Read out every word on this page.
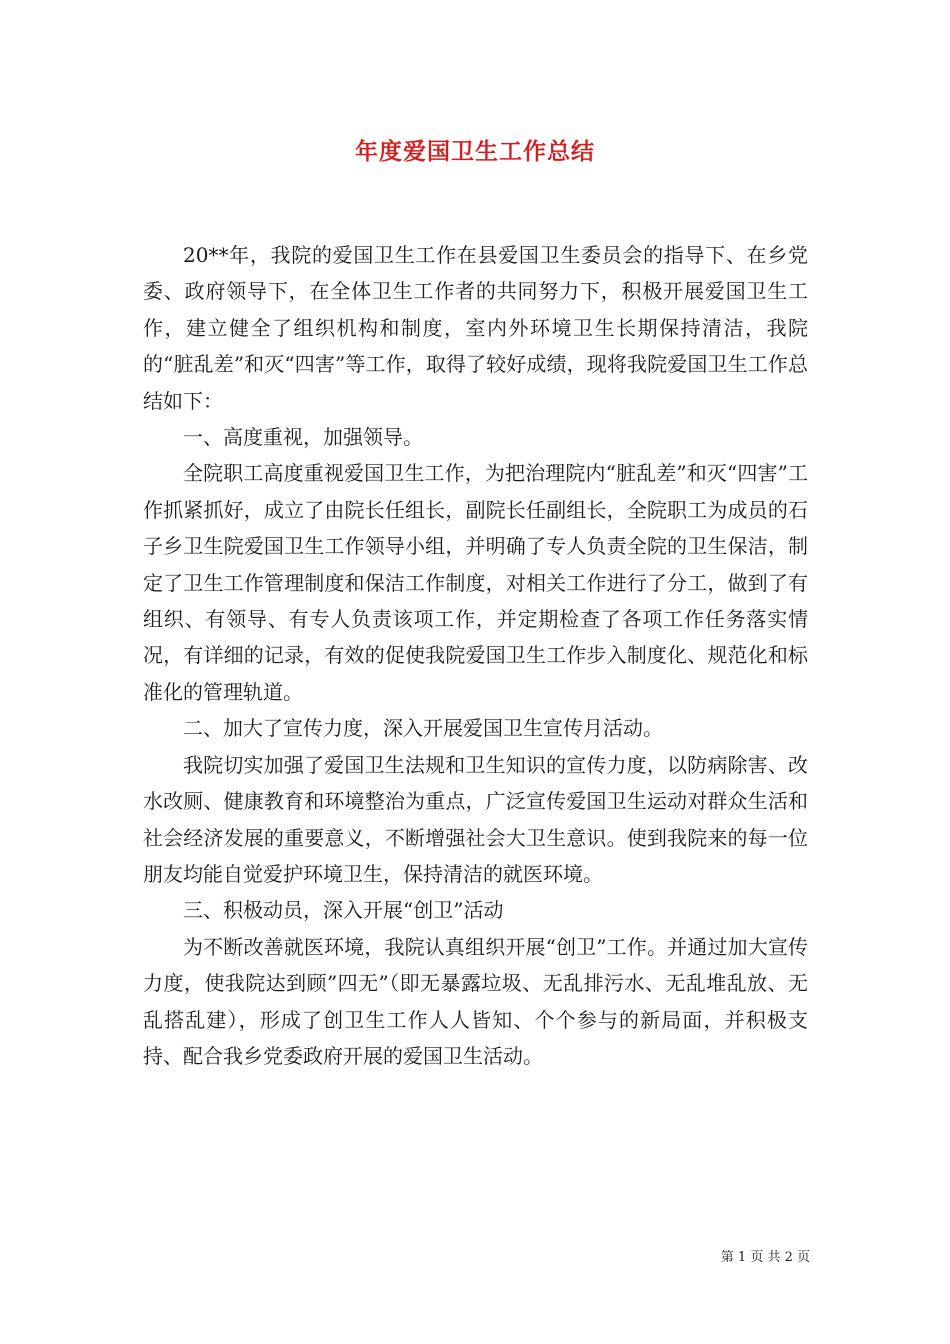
年度爱国卫生工作总结

20**年，我院的爱国卫生工作在县爱国卫生委员会的指导下、在乡党委、政府领导下，在全体卫生工作者的共同努力下，积极开展爱国卫生工作，建立健全了组织机构和制度，室内外环境卫生长期保持清洁，我院的“脏乱差”和灭“四害”等工作，取得了较好成绩，现将我院爱国卫生工作总结如下：

一、高度重视，加强领导。

全院职工高度重视爱国卫生工作，为把治理院内“脏乱差”和灭“四害”工作抓紧抓好，成立了由院长任组长，副院长任副组长，全院职工为成员的石子乡卫生院爱国卫生工作领导小组，并明确了专人负责全院的卫生保洁，制定了卫生工作管理制度和保洁工作制度，对相关工作进行了分工，做到了有组织、有领导、有专人负责该项工作，并定期检查了各项工作任务落实情况，有详细的记录，有效的促使我院爱国卫生工作步入制度化、规范化和标准化的管理轨道。

二、加大了宣传力度，深入开展爱国卫生宣传月活动。

我院切实加强了爱国卫生法规和卫生知识的宣传力度，以防病除害、改水改厕、健康教育和环境整治为重点，广泛宣传爱国卫生运动对群众生活和社会经济发展的重要意义，不断增强社会大卫生意识。使到我院来的每一位朋友均能自觉爱护环境卫生，保持清洁的就医环境。

三、积极动员，深入开展“创卫”活动

为不断改善就医环境，我院认真组织开展“创卫”工作。并通过加大宣传力度，使我院达到顾”四无”（即无暴露垃圾、无乱排污水、无乱堆乱放、无乱搭乱建），形成了创卫生工作人人皆知、个个参与的新局面，并积极支持、配合我乡党委政府开展的爱国卫生活动。

第 1 页 共 2 页
